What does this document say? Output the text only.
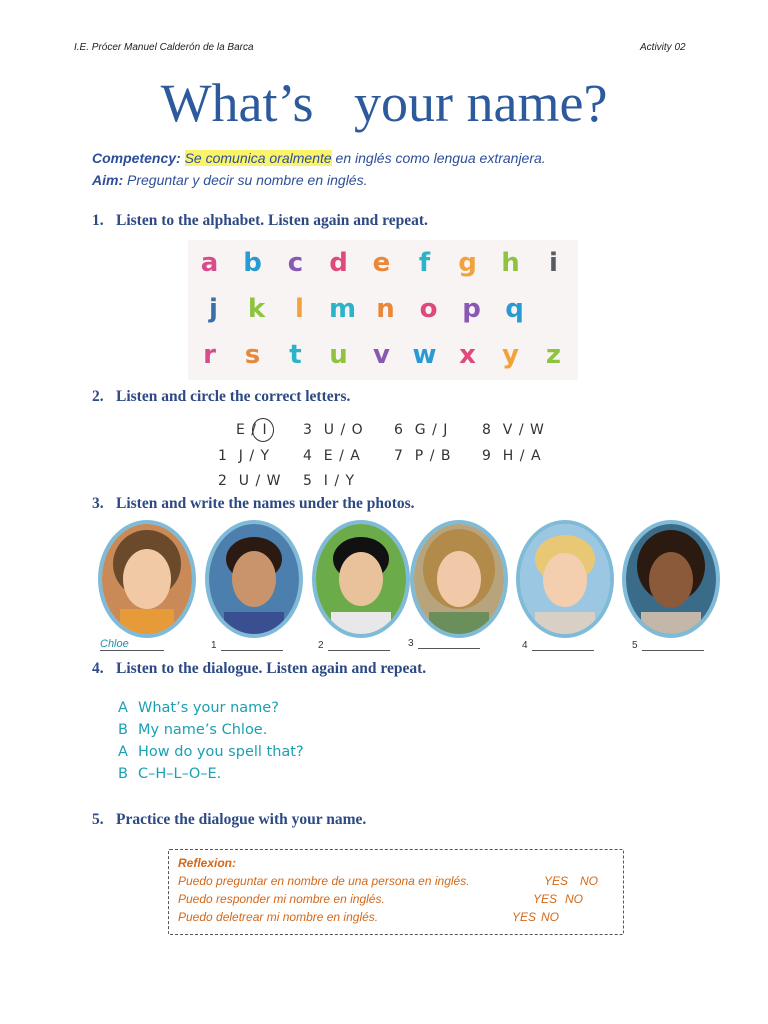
I.E. Prócer Manuel Calderón de la Barca	Activity 02
What’s   your name?
Competency: Se comunica oralmente en inglés como lengua extranjera.
Aim: Preguntar y decir su nombre en inglés.
1. Listen to the alphabet. Listen again and repeat.
a b c d e	f	g h	i
j	k	l m n o p q
r	s	t	u v w x	y	z
2. Listen and circle the correct letters.
E / I	3  U / O 6  G / J 8  V / W
1  J / Y 4  E / A 7  P / B 9  H / A
2  U / W 5  I / Y
3. Listen and write the names under the photos.
Chloe	1	2	3	4	5
4. Listen to the dialogue. Listen again and repeat.
A What’s your name?
B My name’s Chloe.
A How do you spell that?
B C–H–L–O–E.
5. Practice the dialogue with your name.
Reflexion:
Puedo preguntar en nombre de una persona en inglés.	YES NO
Puedo responder mi nombre en inglés.	YES NO
Puedo deletrear mi nombre en inglés.	YES NO
